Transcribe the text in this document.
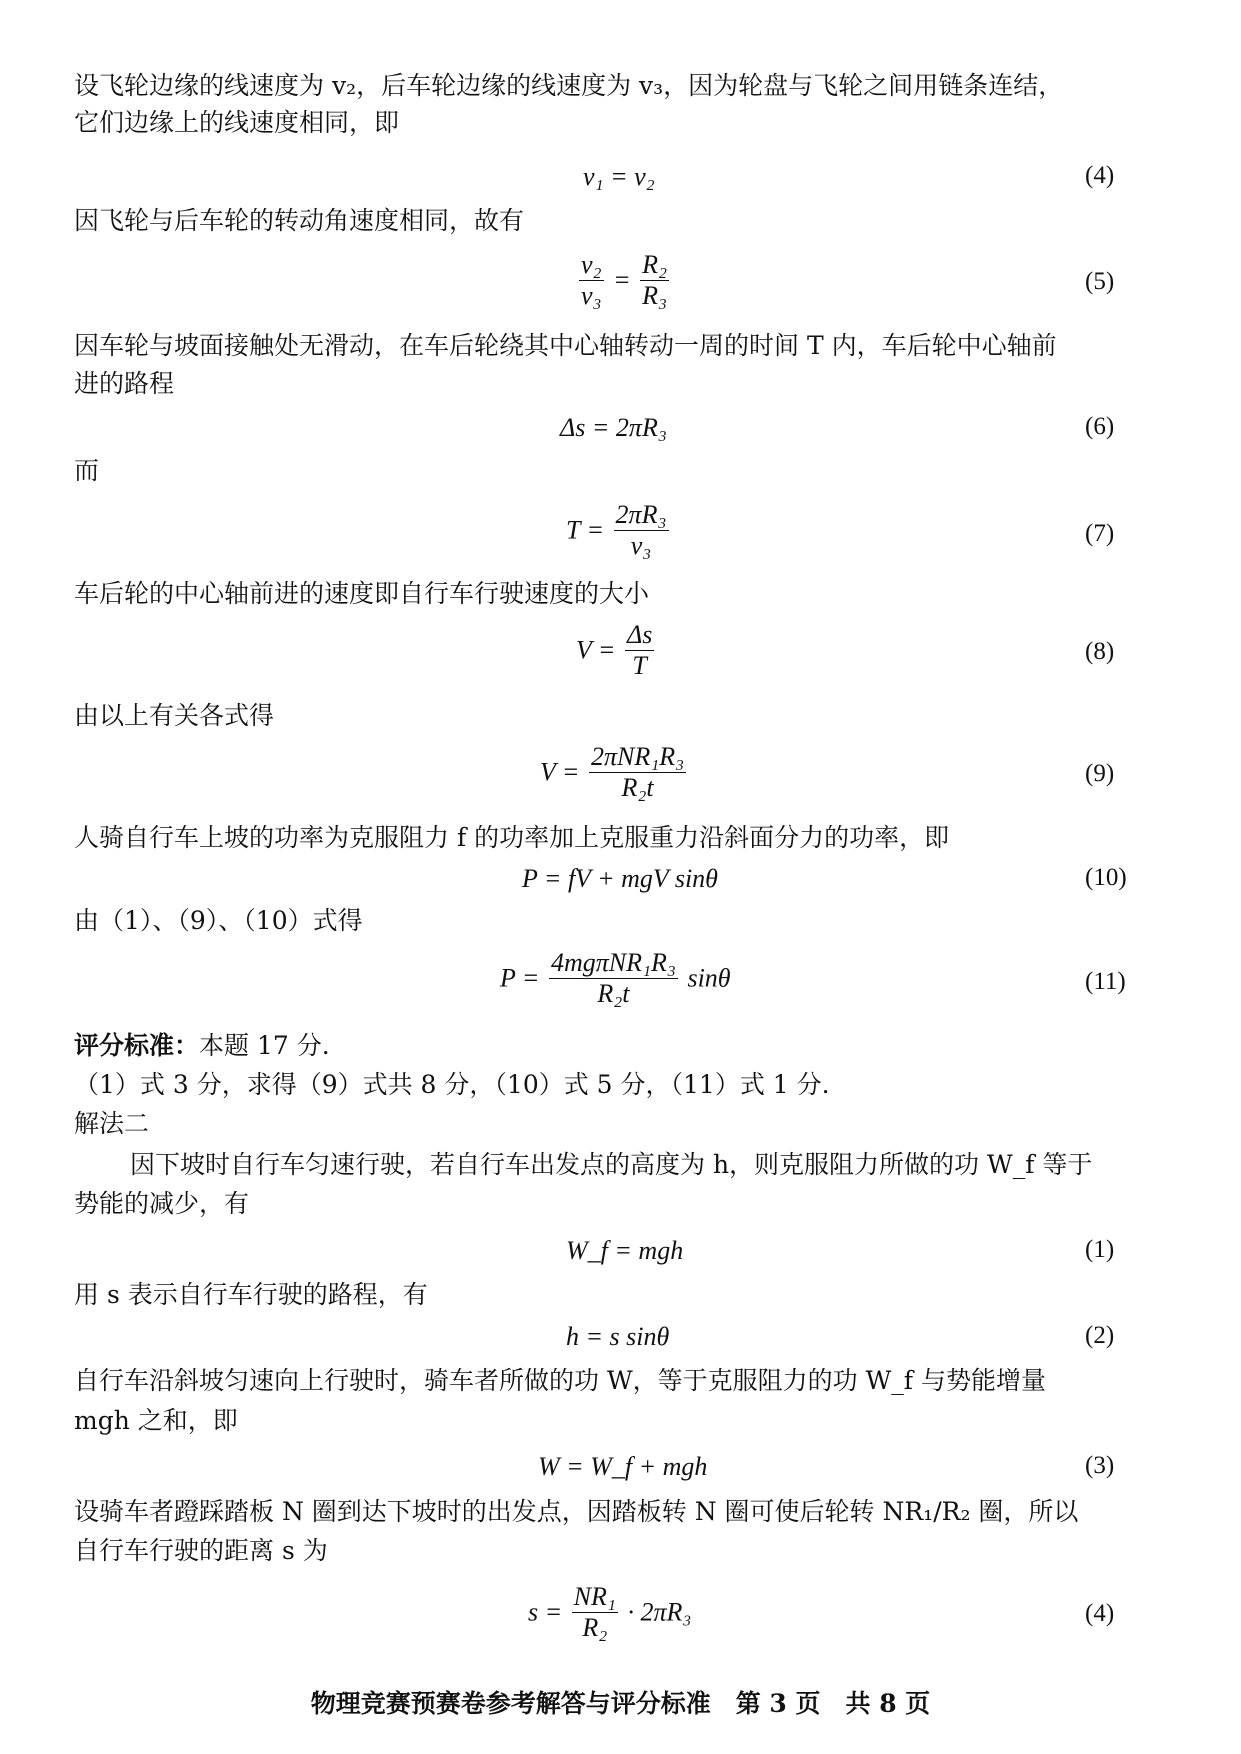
设飞轮边缘的线速度为 v₂，后车轮边缘的线速度为 v₃，因为轮盘与飞轮之间用链条连结，
它们边缘上的线速度相同，即
v₁ = v₂	(4)
因飞轮与后车轮的转动角速度相同，故有
$\frac{\text{v₂}}{\text{v₃}} = \frac{\text{R₂}}{\text{R₃}}$	(5)
因车轮与坡面接触处无滑动，在车后轮绕其中心轴转动一周的时间 T 内，车后轮中心轴前
进的路程
Δs = 2πR₃	(6)
而
$T = \frac{\text{2πR₃}}{\text{v₃}}$	(7)
车后轮的中心轴前进的速度即自行车行驶速度的大小
$V = \frac{\Delta s}{T}$	(8)
由以上有关各式得
$V = \frac{\text{2πNR₁R₃}}{\text{R₂t}}$	(9)
人骑自行车上坡的功率为克服阻力 f 的功率加上克服重力沿斜面分力的功率，即
P = fV + mgV sinθ	(10)
由（1）、（9）、（10）式得
$P = \frac{\text{4mgπNR₁R₃}}{\text{R₂t}}$ sinθ	(11)
评分标准：本题 17 分.
（1）式 3 分，求得（9）式共 8 分，（10）式 5 分，（11）式 1 分.
解法二
因下坡时自行车匀速行驶，若自行车出发点的高度为 h，则克服阻力所做的功 W_f 等于
势能的减少，有
W_f = mgh	(1)
用 s 表示自行车行驶的路程，有
h = s sinθ	(2)
自行车沿斜坡匀速向上行驶时，骑车者所做的功 W，等于克服阻力的功 W_f 与势能增量
mgh 之和，即
W = W_f + mgh	(3)
设骑车者蹬踩踏板 N 圈到达下坡时的出发点，因踏板转 N 圈可使后轮转 NR₁/R₂ 圈，所以
自行车行驶的距离 s 为
$s = \frac{\text{NR₁}}{\text{R₂}} \cdot 2\pi R_3$	(4)
物理竞赛预赛卷参考解答与评分标准　第 3 页　共 8 页
